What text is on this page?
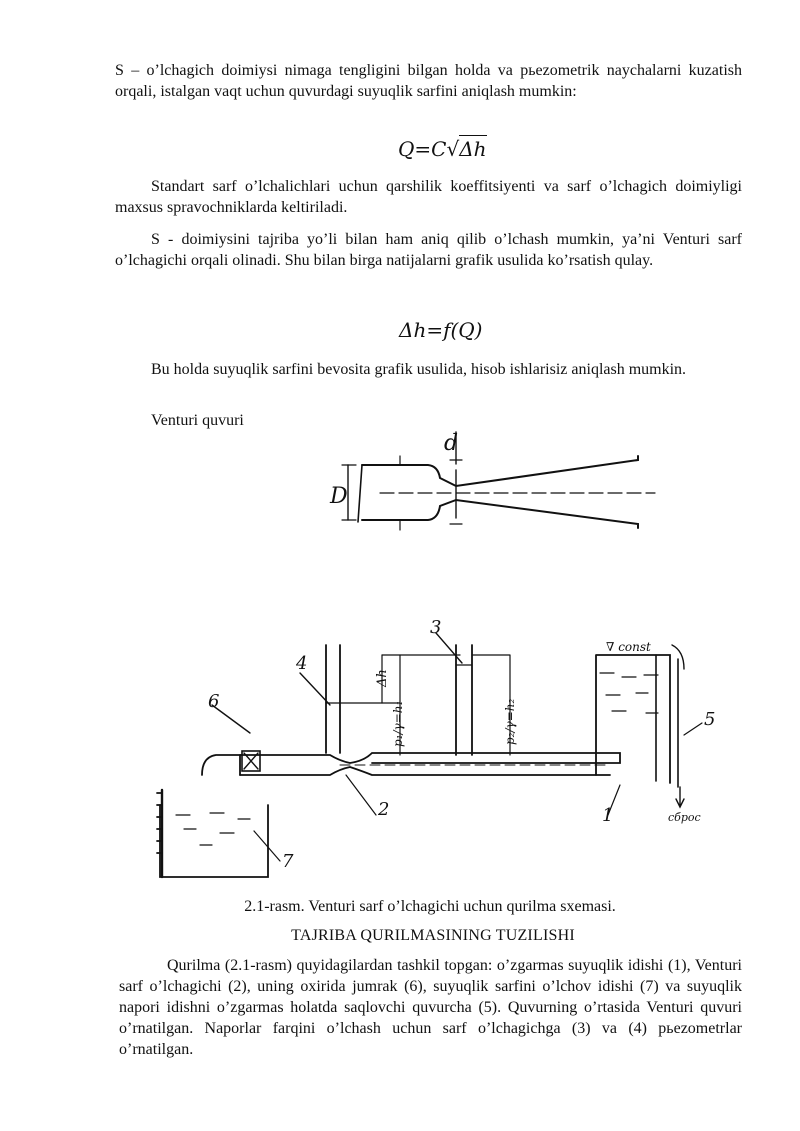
S – o’lchagich doimiysi nimaga tengligini bilgan holda va pьezometrik naychalarni kuzatish orqali, istalgan vaqt uchun quvurdagi suyuqlik sarfini aniqlash mumkin:

Q=C√Δh

Standart sarf o’lchalichlari uchun qarshilik koeffitsiyenti va sarf o’lchagich doimiyligi maxsus spravochniklarda keltiriladi.

S - doimiysini tajriba yo’li bilan ham aniq qilib o’lchash mumkin, ya’ni Venturi sarf o’lchagichi orqali olinadi. Shu bilan birga natijalarni grafik usulida ko’rsatish qulay.

Δh=f(Q)

Bu holda suyuqlik sarfini bevosita grafik usulida, hisob ishlarisiz aniqlash mumkin.

Venturi quvuri

D
d
6
4
3
2	1
5
7
Δh
p₁/γ=h₁	p₂/γ=h₂
∇ const
сброс
2.1-rasm. Venturi sarf o’lchagichi uchun qurilma sxemasi.
TAJRIBA QURILMASINING TUZILISHI

Qurilma (2.1-rasm) quyidagilardan tashkil topgan: o’zgarmas suyuqlik idishi (1), Venturi sarf o’lchagichi (2), uning oxirida jumrak (6), suyuqlik sarfini o’lchov idishi (7) va suyuqlik napori idishni o’zgarmas holatda saqlovchi quvurcha (5). Quvurning o’rtasida Venturi quvuri o’rnatilgan. Naporlar farqini o’lchash uchun sarf o’lchagichga (3) va (4) pьezometrlar o’rnatilgan.
